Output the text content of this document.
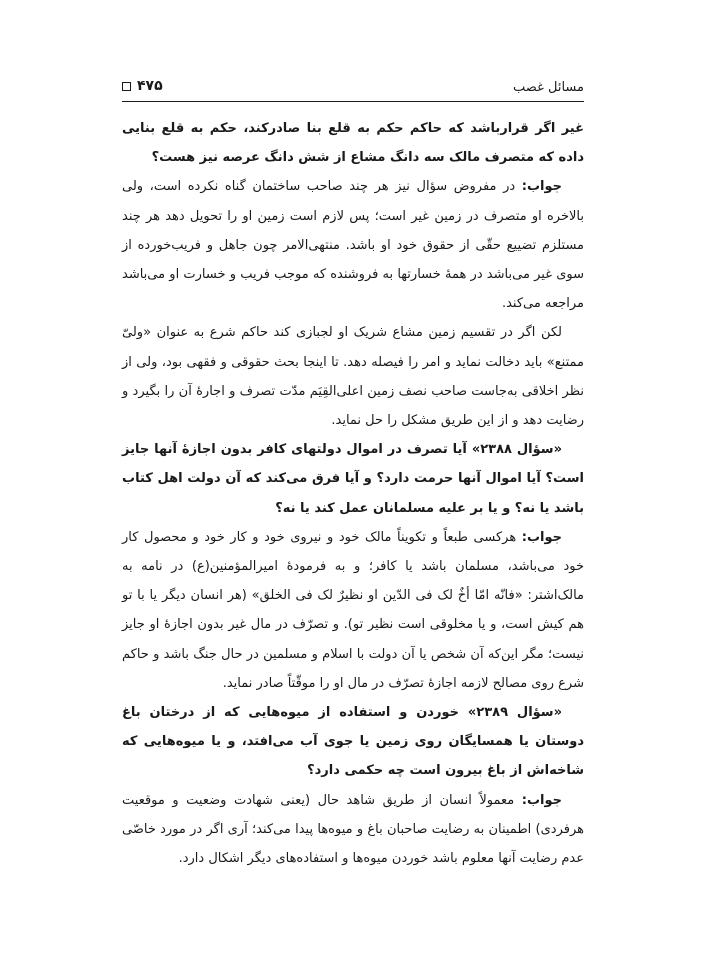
مسائل غصب
۴۷۵

غیر اگر قرارباشد که حاکم حکم به قلع بنا صادرکند، حکم به قلع بنایی داده که متصرف مالک سه دانگ مشاع از شش دانگ عرصه نیز هست؟

جواب: در مفروض سؤال نیز هر چند صاحب ساختمان گناه نکرده است، ولی بالاخره او متصرف در زمین غیر است؛ پس لازم است زمین او را تحویل دهد هر چند مستلزم تضییع حقّی از حقوق خود او باشد. منتهی‌الامر چون جاهل و فریب‌خورده از سوی غیر می‌باشد در همهٔ خسارتها به فروشنده که موجب فریب و خسارت او می‌باشد مراجعه می‌کند.

لکن اگر در تقسیم زمین مشاع شریک او لجبازی کند حاکم شرع به عنوان «ولیّ ممتنع» باید دخالت نماید و امر را فیصله دهد. تا اینجا بحث حقوقی و فقهی بود، ولی از نظر اخلاقی به‌جاست صاحب نصف زمین اعلی‌القِیَم مدّت تصرف و اجارهٔ آن را بگیرد و رضایت دهد و از این طریق مشکل را حل نماید.

«سؤال ۲۳۸۸» آیا تصرف در اموال دولتهای کافر بدون اجازهٔ آنها جایز است؟ آیا اموال آنها حرمت دارد؟ و آیا فرق می‌کند که آن دولت اهل کتاب باشد یا نه؟ و یا بر علیه مسلمانان عمل کند یا نه؟

جواب: هرکسی طبعاً و تکویناً مالک خود و نیروی خود و کار خود و محصول کار خود می‌باشد، مسلمان باشد یا کافر؛ و به فرمودهٔ امیرالمؤمنین(ع) در نامه به مالک‌اشتر: «فانّه امّا أخٌ لک فی الدّین او نظیرٌ لک فی الخلق» (هر انسان دیگر یا با تو هم کیش است، و یا مخلوقی است نظیر تو). و تصرّف در مال غیر بدون اجازهٔ او جایز نیست؛ مگر این‌که آن شخص یا آن دولت با اسلام و مسلمین در حال جنگ باشد و حاکم شرع روی مصالح لازمه اجازهٔ تصرّف در مال او را موقّتاً صادر نماید.

«سؤال ۲۳۸۹» خوردن و استفاده از میوه‌هایی که از درختان باغ دوستان یا همسایگان روی زمین یا جوی آب می‌افتد، و یا میوه‌هایی که شاخه‌اش از باغ بیرون است چه حکمی دارد؟

جواب: معمولاً انسان از طریق شاهد حال (یعنی شهادت وضعیت و موقعیت هرفردی) اطمینان به رضایت صاحبان باغ و میوه‌ها پیدا می‌کند؛ آری اگر در مورد خاصّی عدم رضایت آنها معلوم باشد خوردن میوه‌ها و استفاده‌های دیگر اشکال دارد.
